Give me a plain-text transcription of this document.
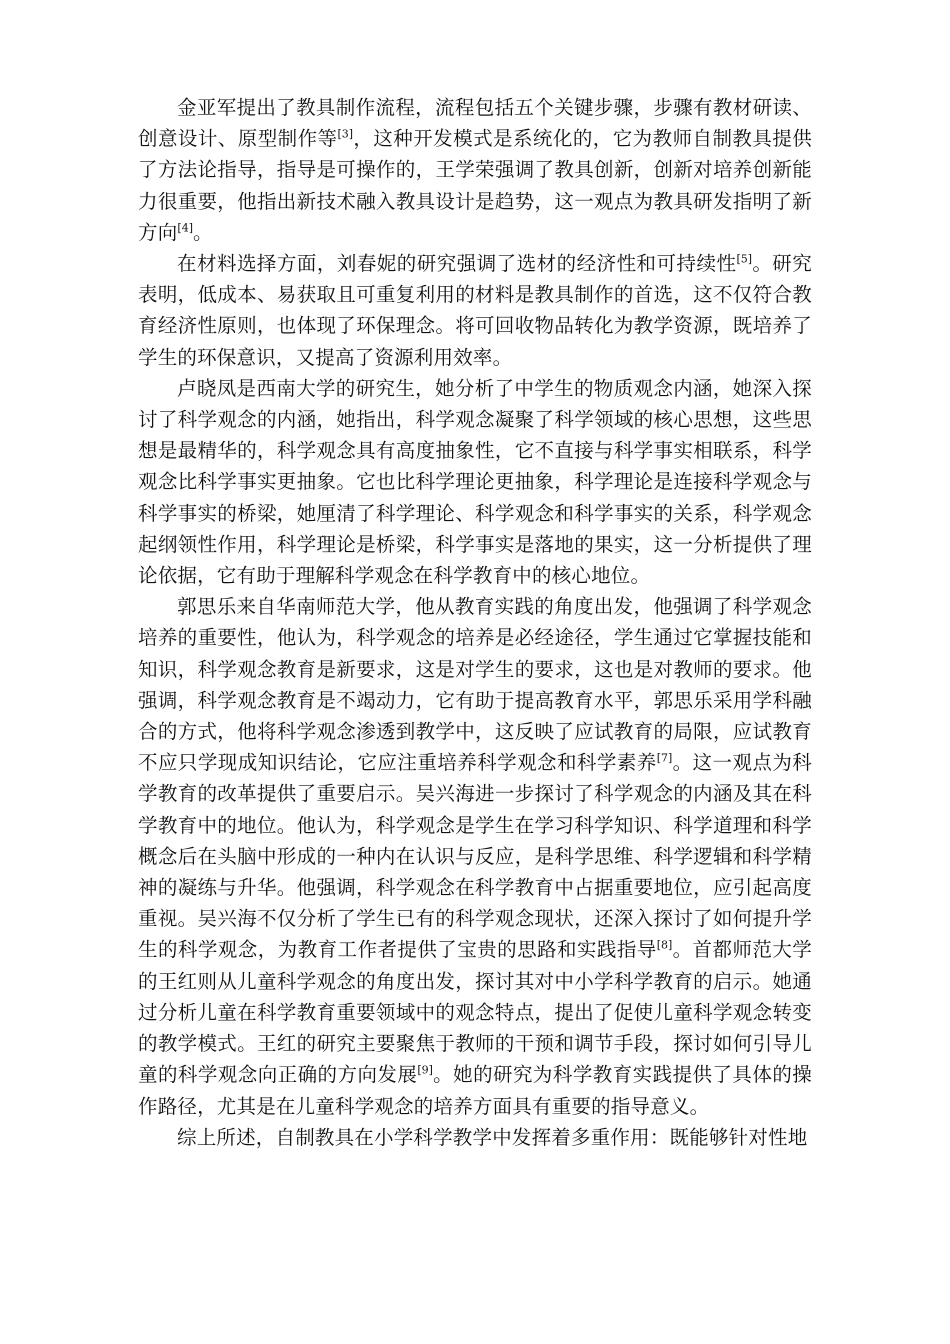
金亚军提出了教具制作流程，流程包括五个关键步骤，步骤有教材研读、创意设计、原型制作等[3]，这种开发模式是系统化的，它为教师自制教具提供了方法论指导，指导是可操作的，王学荣强调了教具创新，创新对培养创新能力很重要，他指出新技术融入教具设计是趋势，这一观点为教具研发指明了新方向[4]。

在材料选择方面，刘春妮的研究强调了选材的经济性和可持续性[5]。研究表明，低成本、易获取且可重复利用的材料是教具制作的首选，这不仅符合教育经济性原则，也体现了环保理念。将可回收物品转化为教学资源，既培养了学生的环保意识，又提高了资源利用效率。

卢晓凤是西南大学的研究生，她分析了中学生的物质观念内涵，她深入探讨了科学观念的内涵，她指出，科学观念凝聚了科学领域的核心思想，这些思想是最精华的，科学观念具有高度抽象性，它不直接与科学事实相联系，科学观念比科学事实更抽象。它也比科学理论更抽象，科学理论是连接科学观念与科学事实的桥梁，她厘清了科学理论、科学观念和科学事实的关系，科学观念起纲领性作用，科学理论是桥梁，科学事实是落地的果实，这一分析提供了理论依据，它有助于理解科学观念在科学教育中的核心地位。

郭思乐来自华南师范大学，他从教育实践的角度出发，他强调了科学观念培养的重要性，他认为，科学观念的培养是必经途径，学生通过它掌握技能和知识，科学观念教育是新要求，这是对学生的要求，这也是对教师的要求。他强调，科学观念教育是不竭动力，它有助于提高教育水平，郭思乐采用学科融合的方式，他将科学观念渗透到教学中，这反映了应试教育的局限，应试教育不应只学现成知识结论，它应注重培养科学观念和科学素养[7]。这一观点为科学教育的改革提供了重要启示。吴兴海进一步探讨了科学观念的内涵及其在科学教育中的地位。他认为，科学观念是学生在学习科学知识、科学道理和科学概念后在头脑中形成的一种内在认识与反应，是科学思维、科学逻辑和科学精神的凝练与升华。他强调，科学观念在科学教育中占据重要地位，应引起高度重视。吴兴海不仅分析了学生已有的科学观念现状，还深入探讨了如何提升学生的科学观念，为教育工作者提供了宝贵的思路和实践指导[8]。首都师范大学的王红则从儿童科学观念的角度出发，探讨其对中小学科学教育的启示。她通过分析儿童在科学教育重要领域中的观念特点，提出了促使儿童科学观念转变的教学模式。王红的研究主要聚焦于教师的干预和调节手段，探讨如何引导儿童的科学观念向正确的方向发展[9]。她的研究为科学教育实践提供了具体的操作路径，尤其是在儿童科学观念的培养方面具有重要的指导意义。

综上所述，自制教具在小学科学教学中发挥着多重作用：既能够针对性地
